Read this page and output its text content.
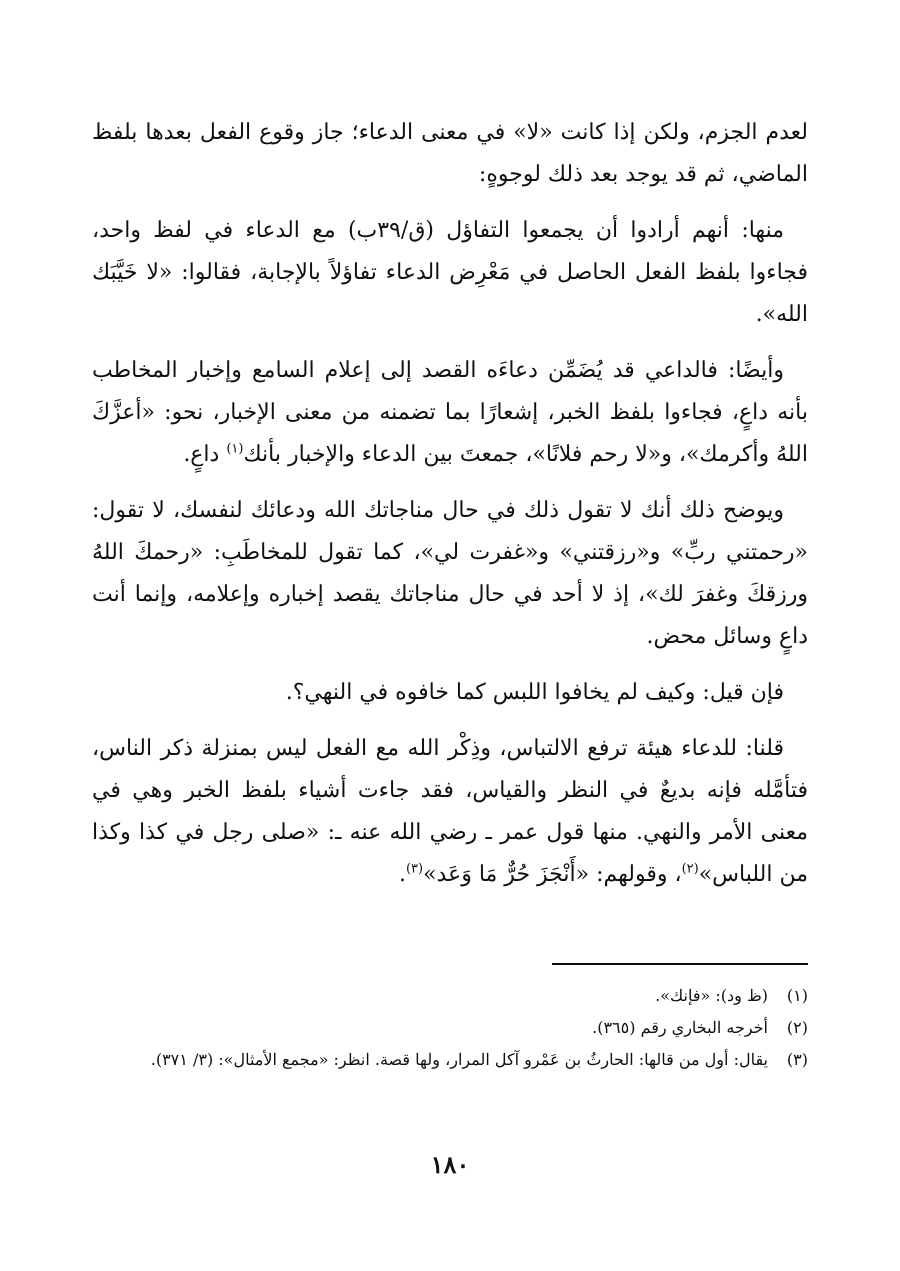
لعدم الجزم، ولكن إذا كانت «لا» في معنى الدعاء؛ جاز وقوع الفعل بعدها بلفظ الماضي، ثم قد يوجد بعد ذلك لوجوهٍ:

منها: أنهم أرادوا أن يجمعوا التفاؤل (ق/٣٩ب) مع الدعاء في لفظ واحد، فجاءوا بلفظ الفعل الحاصل في مَعْرِض الدعاء تفاؤلاً بالإجابة، فقالوا: «لا خَيَّبَك الله».

وأيضًا: فالداعي قد يُضَمِّن دعاءَه القصد إلى إعلام السامع وإخبار المخاطب بأنه داعٍ، فجاءوا بلفظ الخبر، إشعارًا بما تضمنه من معنى الإخبار، نحو: «أعزَّكَ اللهُ وأكرمك»، و«لا رحم فلانًا»، جمعتَ بين الدعاء والإخبار بأنك$^{(١)}$ داعٍ.

ويوضح ذلك أنك لا تقول ذلك في حال مناجاتك الله ودعائك لنفسك، لا تقول: «رحمتني ربِّ» و«رزقتني» و«غفرت لي»، كما تقول للمخاطَبِ: «رحمكَ اللهُ ورزقكَ وغفرَ لك»، إذ لا أحد في حال مناجاتك يقصد إخباره وإعلامه، وإنما أنت داعٍ وسائل محض.

فإن قيل: وكيف لم يخافوا اللبس كما خافوه في النهي؟.

قلنا: للدعاء هيئة ترفع الالتباس، وذِكْر الله مع الفعل ليس بمنزلة ذكر الناس، فتأمَّله فإنه بديعٌ في النظر والقياس، فقد جاءت أشياء بلفظ الخبر وهي في معنى الأمر والنهي. منها قول عمر ـ رضي الله عنه ـ: «صلى رجل في كذا وكذا من اللباس»$^{(٢)}$، وقولهم: «أَنْجَزَ حُرٌّ مَا وَعَد»$^{(٣)}$.

(١)
(ظ ود): «فإنك».
(٢)
أخرجه البخاري رقم (٣٦٥).
(٣)
يقال: أول من قالها: الحارثُ بن عَمْرو آكل المرار، ولها قصة. انظر: «مجمع الأمثال»: (٣/ ٣٧١).
١٨٠
